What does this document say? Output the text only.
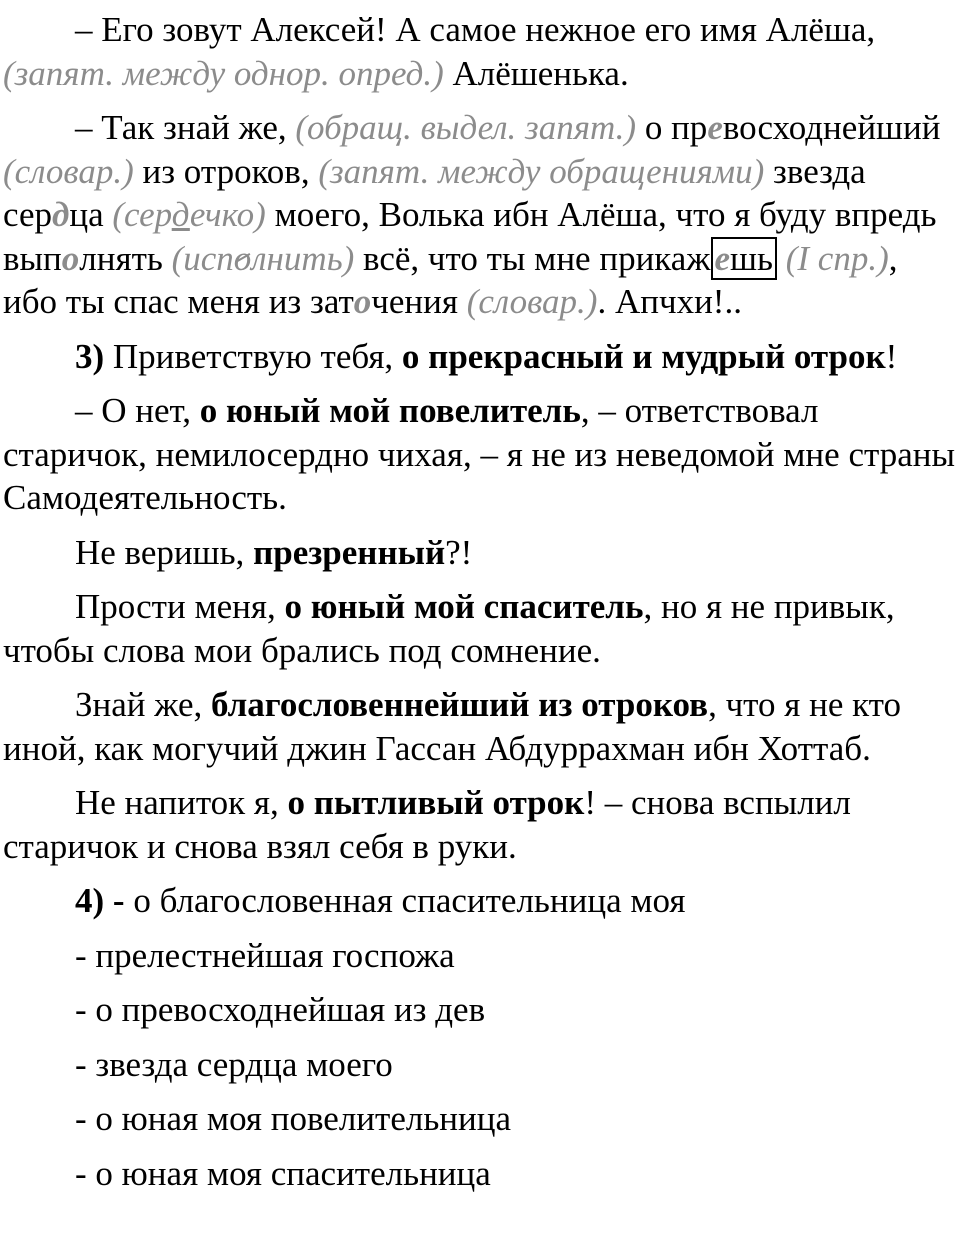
– Его зовут Алексей! А самое нежное его имя Алёша, (запят. между однор. опред.) Алёшенька.

– Так знай же, (обращ. выдел. запят.) о превосходнейший (словар.) из отроков, (запят. между обращениями) звезда сердца (сердечко) моего, Волька ибн Алёша, что я буду впредь выполнять (исполнить) всё, что ты мне прикаж ешь (I спр.), ибо ты спас меня из заточения (словар.). Апчхи!..

3) Приветствую тебя, о прекрасный и мудрый отрок!

– О нет, о юный мой повелитель, – ответствовал старичок, немилосердно чихая, – я не из неведомой мне страны Самодеятельность.

Не веришь, презренный?!

Прости меня, о юный мой спаситель, но я не привык, чтобы слова мои брались под сомнение.

Знай же, благословеннейший из отроков, что я не кто иной, как могучий джин Гассан Абдуррахман ибн Хоттаб.

Не напиток я, о пытливый отрок! – снова вспылил старичок и снова взял себя в руки.

4) - о благословенная спасительница моя

- прелестнейшая госпожа

- о превосходнейшая из дев

- звезда сердца моего

- о юная моя повелительница

- о юная моя спасительница
